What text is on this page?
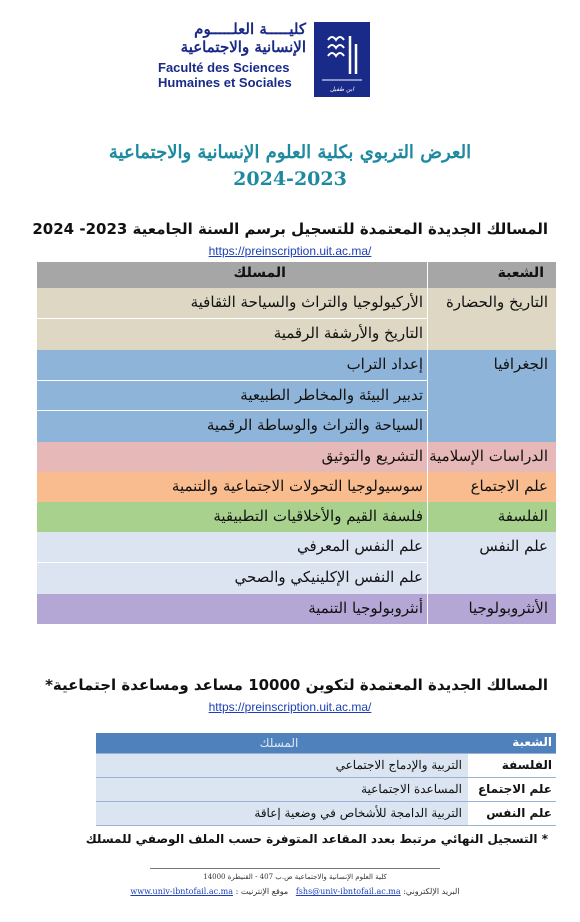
كليـــــة العلـــــوم
الإنسانية والاجتماعية
Faculté des Sciences
Humaines et Sociales	ابن طفيل
العرض التربوي بكلية العلوم الإنسانية والاجتماعية
2024-2023
المسالك الجديدة المعتمدة للتسجيل برسم السنة الجامعية 2023- 2024
https://preinscription.uit.ac.ma/
الشعبة
المسلك
التاريخ والحضارة
الأركيولوجيا والتراث والسياحة الثقافية
التاريخ والأرشفة الرقمية
الجغرافيا
إعداد التراب
تدبير البيئة والمخاطر الطبيعية
السياحة والتراث والوساطة الرقمية
الدراسات الإسلامية
التشريع والتوثيق
علم الاجتماع
سوسيولوجيا التحولات الاجتماعية والتنمية
الفلسفة
فلسفة القيم والأخلاقيات التطبيقية
علم النفس
علم النفس المعرفي
علم النفس الإكلينيكي والصحي
الأنثروبولوجيا
أنثروبولوجيا التنمية
المسالك الجديدة المعتمدة لتكوين 10000 مساعد ومساعدة اجتماعية*
https://preinscription.uit.ac.ma/
الشعبة
المسلك
الفلسفة
التربية والإدماج الاجتماعي
علم الاجتماع
المساعدة الاجتماعية
علم النفس
التربية الدامجة للأشخاص في وضعية إعاقة
* التسجيل النهائي مرتبط بعدد المقاعد المتوفرة حسب الملف الوصفي للمسلك
كلية العلوم الإنسانية والاجتماعية ص.ب 407 - القنيطرة 14000
البريد الإلكتروني: fshs@univ-ibntofail.ac.ma   موقع الإنترنيت : www.univ-ibntofail.ac.ma
